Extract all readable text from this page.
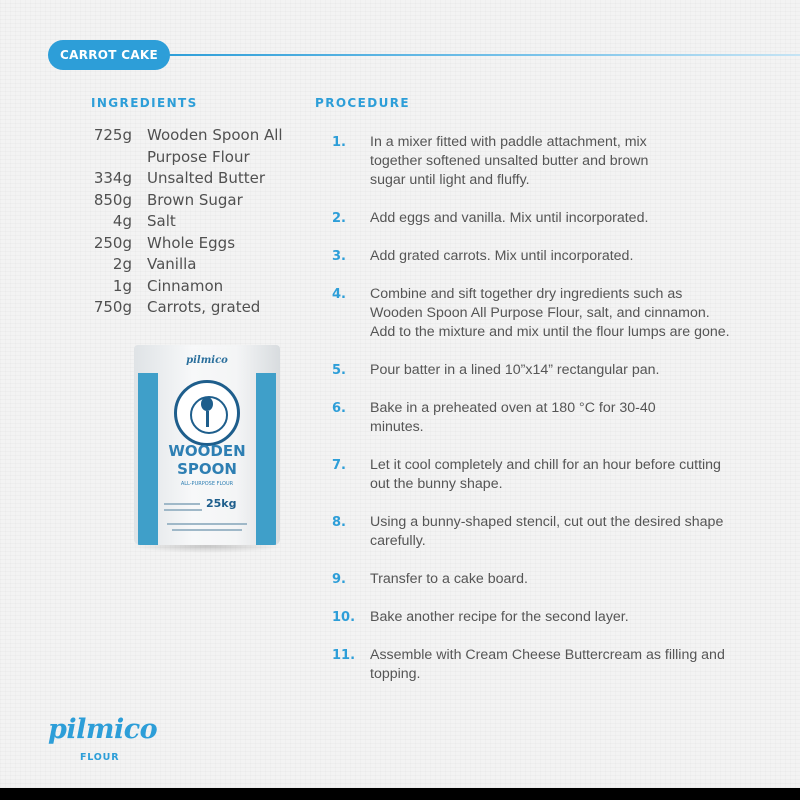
CARROT CAKE
INGREDIENTS	PROCEDURE
725g Wooden Spoon All Purpose Flour
334g Unsalted Butter
850g Brown Sugar
4g Salt
250g Whole Eggs
2g Vanilla
1g Cinnamon
750g Carrots, grated
pilmico
WOODEN
SPOON
ALL-PURPOSE FLOUR
25kg
1.	In a mixer fitted with paddle attachment, mix together softened unsalted butter and brown sugar until light and fluffy.
2.	Add eggs and vanilla. Mix until incorporated.
3.	Add grated carrots. Mix until incorporated.
4.	Combine and sift together dry ingredients such as Wooden Spoon All Purpose Flour, salt, and cinnamon. Add to the mixture and mix until the flour lumps are gone.
5.	Pour batter in a lined 10”x14” rectangular pan.
6.	Bake in a preheated oven at 180 °C for 30-40 minutes.
7.	Let it cool completely and chill for an hour before cutting out the bunny shape.
8.	Using a bunny-shaped stencil, cut out the desired shape carefully.
9.	Transfer to a cake board.
10.	Bake another recipe for the second layer.
11.	Assemble with Cream Cheese Buttercream as filling and topping.
pilmico
FLOUR
